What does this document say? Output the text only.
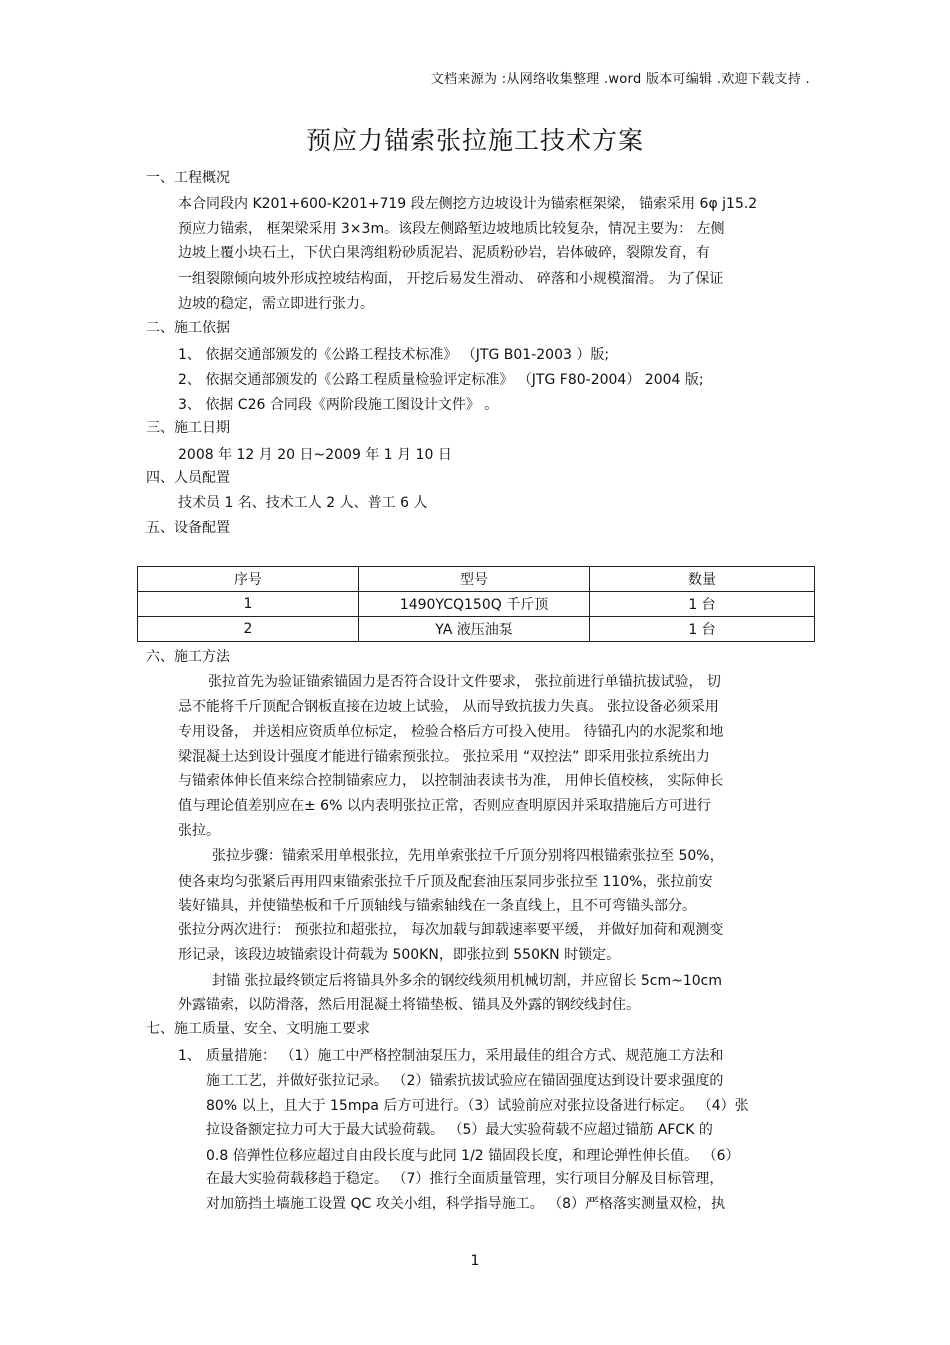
文档来源为 :从网络收集整理 .word 版本可编辑 .欢迎下载支持 .
预应力锚索张拉施工技术方案
一、工程概况
本合同段内 K201+600-K201+719 段左侧挖方边坡设计为锚索框架梁， 锚索采用 6φ j15.2
预应力锚索， 框架梁采用 3×3m。该段左侧路堑边坡地质比较复杂，情况主要为： 左侧
边坡上覆小块石土，下伏白果湾组粉砂质泥岩、泥质粉砂岩，岩体破碎，裂隙发育，有
一组裂隙倾向坡外形成控坡结构面， 开挖后易发生滑动、 碎落和小规模溜滑。 为了保证
边坡的稳定，需立即进行张力。
二、施工依据
1、 依据交通部颁发的《公路工程技术标准》 （JTG B01-2003 ）版;
2、 依据交通部颁发的《公路工程质量检验评定标准》 （JTG F80-2004） 2004 版;
3、 依据 C26 合同段《两阶段施工图设计文件》 。
三、施工日期
2008 年 12 月 20 日~2009 年 1 月 10 日
四、人员配置
技术员 1 名、技术工人 2 人、普工 6 人
五、设备配置
序号	型号	数量
1	1490YCQ150Q 千斤顶	1 台
2	YA 液压油泵	1 台
六、施工方法
张拉首先为验证锚索锚固力是否符合设计文件要求， 张拉前进行单锚抗拔试验， 切
忌不能将千斤顶配合钢板直接在边坡上试验， 从而导致抗拔力失真。 张拉设备必须采用
专用设备， 并送相应资质单位标定， 检验合格后方可投入使用。 待锚孔内的水泥浆和地
梁混凝土达到设计强度才能进行锚索预张拉。 张拉采用 “双控法” 即采用张拉系统出力
与锚索体伸长值来综合控制锚索应力， 以控制油表读书为准， 用伸长值校核， 实际伸长
值与理论值差别应在± 6% 以内表明张拉正常，否则应查明原因并采取措施后方可进行
张拉。
张拉步骤：锚索采用单根张拉，先用单索张拉千斤顶分别将四根锚索张拉至 50%，
使各束均匀张紧后再用四束锚索张拉千斤顶及配套油压泵同步张拉至 110%，张拉前安
装好锚具，并使锚垫板和千斤顶轴线与锚索轴线在一条直线上，且不可弯锚头部分。
张拉分两次进行： 预张拉和超张拉， 每次加载与卸载速率要平缓， 并做好加荷和观测变
形记录，该段边坡锚索设计荷载为 500KN，即张拉到 550KN 时锁定。
封锚 张拉最终锁定后将锚具外多余的钢绞线须用机械切割，并应留长 5cm~10cm
外露锚索，以防滑落，然后用混凝土将锚垫板、锚具及外露的钢绞线封住。
七、施工质量、安全、文明施工要求
1、 质量措施： （1）施工中严格控制油泵压力，采用最佳的组合方式、规范施工方法和
施工工艺，并做好张拉记录。 （2）锚索抗拔试验应在锚固强度达到设计要求强度的
80% 以上，且大于 15mpa 后方可进行。（3）试验前应对张拉设备进行标定。 （4）张
拉设备额定拉力可大于最大试验荷载。 （5）最大实验荷载不应超过锚筋 AFCK 的
0.8 倍弹性位移应超过自由段长度与此同 1/2 锚固段长度，和理论弹性伸长值。 （6）
在最大实验荷载移趋于稳定。 （7）推行全面质量管理，实行项目分解及目标管理，
对加筋挡土墙施工设置 QC 攻关小组，科学指导施工。 （8）严格落实测量双检，执
1
